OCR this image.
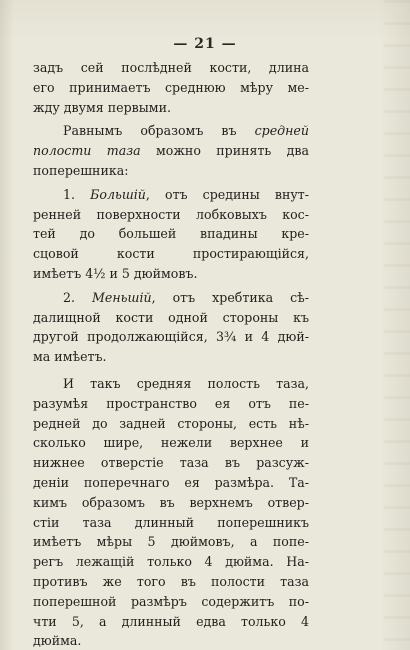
— 21 —
задъ сей послѣдней кости, длина
его принимаетъ среднюю мѣру ме-
жду двумя первыми.
Равнымъ образомъ въ средней
полости таза можно принять два
поперешника:
1. Большій, отъ средины внут-
ренней поверхности лобковыхъ кос-
тей до большей впадины кре-
сцовой кости простирающійся,
имѣетъ 4½ и 5 дюймовъ.
2. Меньшій, отъ хребтика сѣ-
далищной кости одной стороны къ
другой продолжающійся, 3¾ и 4 дюй-
ма имѣетъ.
И такъ средняя полость таза,
разумѣя пространство ея отъ пе-
редней до задней стороны, есть нѣ-
сколько шире, нежели верхнее и
нижнее отверстіе таза въ разсуж-
деніи поперечнаго ея размѣра. Та-
кимъ образомъ въ верхнемъ отвер-
стіи таза длинный поперешникъ
имѣетъ мѣры 5 дюймовъ, а попе-
регъ лежащій только 4 дюйма. На-
противъ же того въ полости таза
поперешной размѣръ содержитъ по-
чти 5, а длинный едва только 4
дюйма.
